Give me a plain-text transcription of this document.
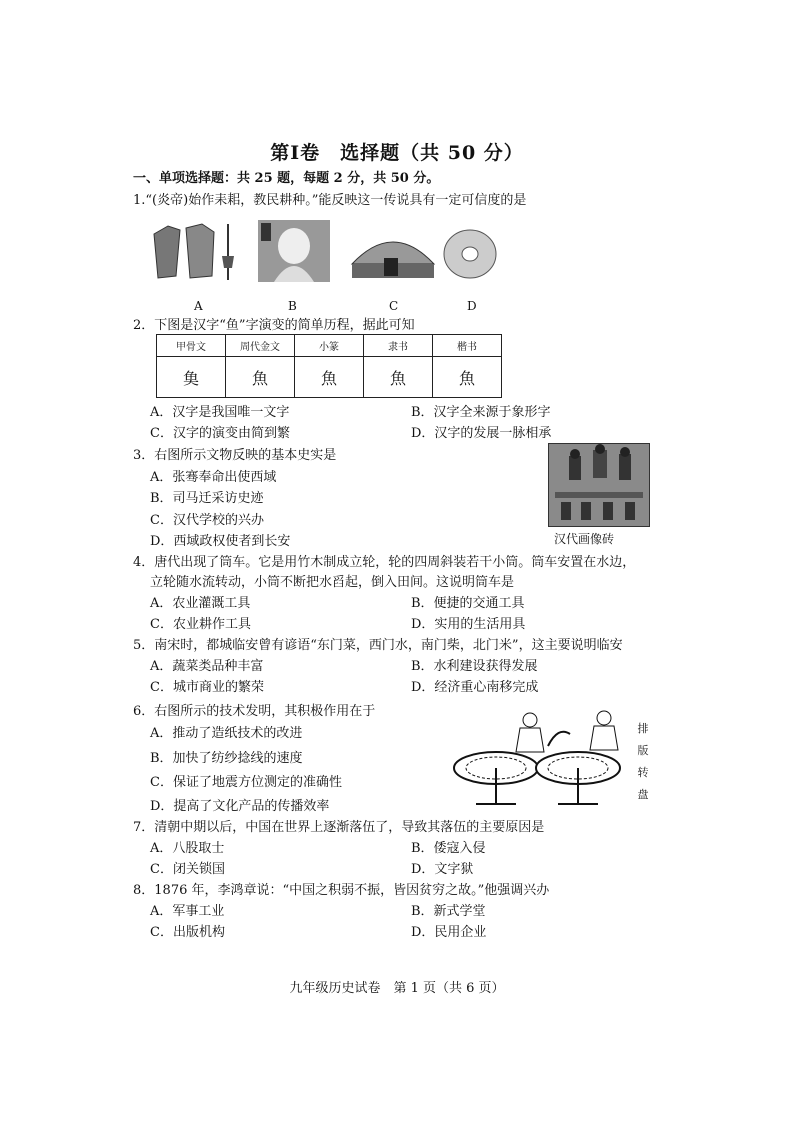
第Ⅰ卷　选择题（共 50 分）
一、单项选择题：共 25 题，每题 2 分，共 50 分。
1.“(炎帝)始作耒耜，教民耕种。”能反映这一传说具有一定可信度的是
A	B	C	D
2．下图是汉字“鱼”字演变的简单历程，据此可知
甲骨文	周代金文	小篆	隶书	楷书
𩵋	魚	魚	魚	魚
A．汉字是我国唯一文字	B．汉字全来源于象形字
C．汉字的演变由简到繁	D．汉字的发展一脉相承
3．右图所示文物反映的基本史实是
A．张骞奉命出使西域
B．司马迁采访史迹
C．汉代学校的兴办
D．西域政权使者到长安	汉代画像砖
4．唐代出现了筒车。它是用竹木制成立轮，轮的四周斜装若干小筒。筒车安置在水边，
立轮随水流转动，小筒不断把水舀起，倒入田间。这说明筒车是
A．农业灌溉工具	B．便捷的交通工具
C．农业耕作工具	D．实用的生活用具
5．南宋时，都城临安曾有谚语“东门菜，西门水，南门柴，北门米”，这主要说明临安
A．蔬菜类品种丰富	B．水利建设获得发展
C．城市商业的繁荣	D．经济重心南移完成
6．右图所示的技术发明，其积极作用在于
A．推动了造纸技术的改进
B．加快了纺纱捻线的速度
C．保证了地震方位测定的准确性
D．提高了文化产品的传播效率
排
版
转
盘
7．清朝中期以后，中国在世界上逐渐落伍了，导致其落伍的主要原因是
A．八股取士	B．倭寇入侵
C．闭关锁国	D．文字狱
8．1876 年，李鸿章说：“中国之积弱不振，皆因贫穷之故。”他强调兴办
A．军事工业	B．新式学堂
C．出版机构	D．民用企业
九年级历史试卷　第 1 页（共 6 页）
